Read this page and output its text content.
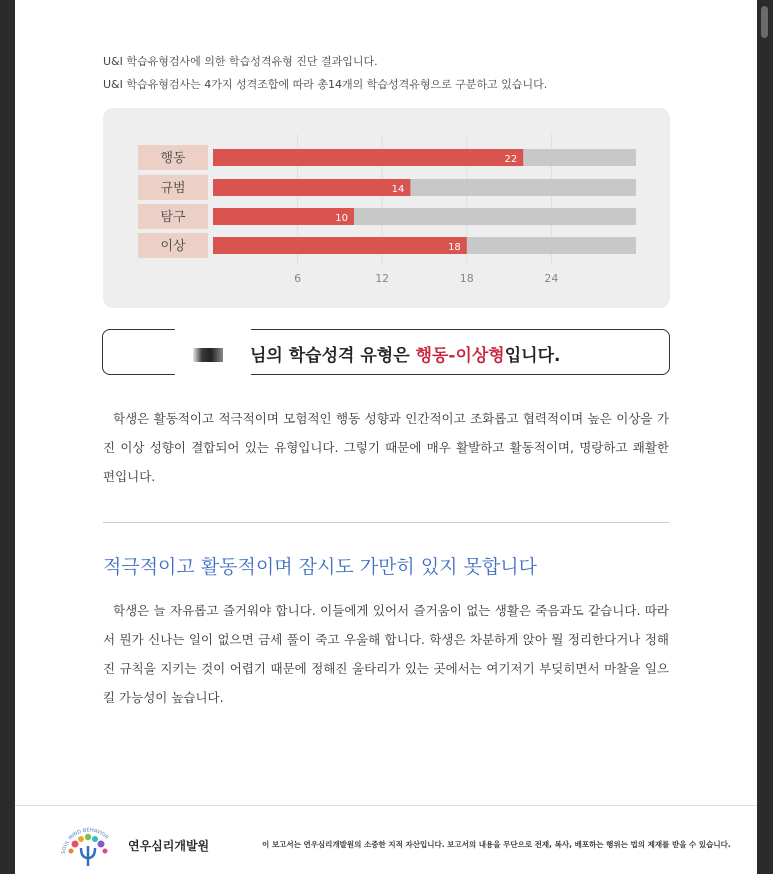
U&I 학습유형검사에 의한 학습성격유형 진단 결과입니다.
U&I 학습유형검사는 4가지 성격조합에 따라 총14개의 학습성격유형으로 구분하고 있습니다.
행동	22
규범	14
탐구	10
이상	18
6	12	18	24
님의 학습성격 유형은 행동-이상형입니다.
학생은 활동적이고 적극적이며 모험적인 행동 성향과 인간적이고 조화롭고 협력적이며 높은 이상을 가진 이상 성향이 결합되어 있는 유형입니다. 그렇기 때문에 매우 활발하고 활동적이며, 명랑하고 쾌활한 편입니다.
적극적이고 활동적이며 잠시도 가만히 있지 못합니다
학생은 늘 자유롭고 즐거워야 합니다. 이들에게 있어서 즐거움이 없는 생활은 죽음과도 같습니다. 따라서 뭔가 신나는 일이 없으면 금세 풀이 죽고 우울해 합니다. 학생은 차분하게 앉아 뭘 정리한다거나 정해진 규칙을 지키는 것이 어렵기 때문에 정해진 울타리가 있는 곳에서는 여기저기 부딪히면서 마찰을 일으킬 가능성이 높습니다.
SOUL MIND BEHAVIOR
연우심리개발원	이 보고서는 연우심리개발원의 소중한 지적 자산입니다. 보고서의 내용을 무단으로 전재, 복사, 배포하는 행위는 법의 제재를 받을 수 있습니다.
